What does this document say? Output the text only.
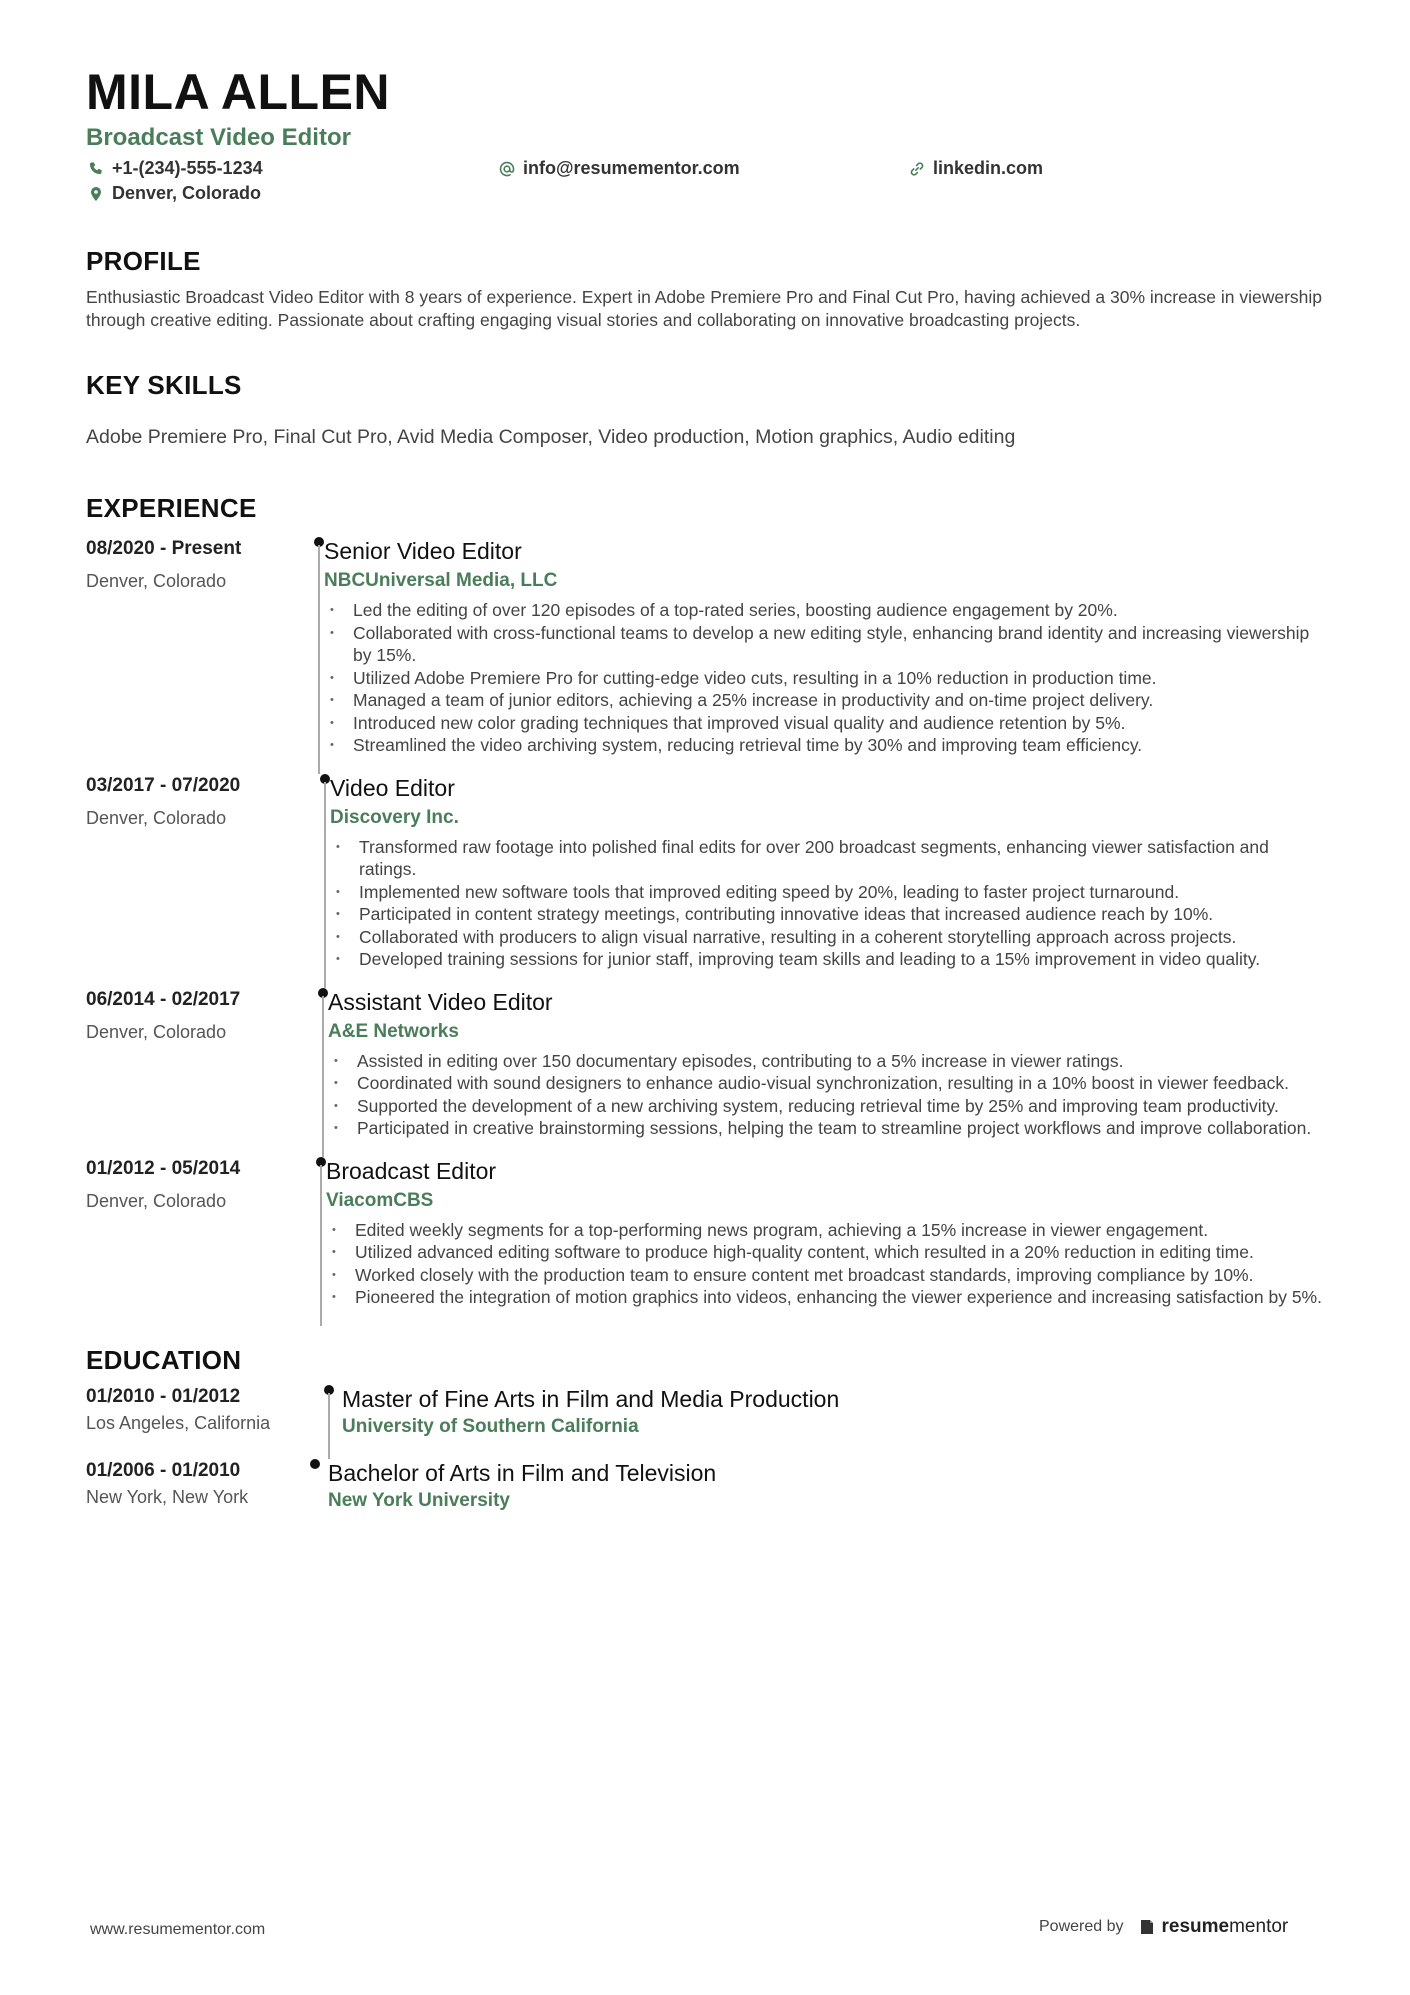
MILA ALLEN
Broadcast Video Editor
+1-(234)-555-1234	info@resumementor.com	linkedin.com
Denver, Colorado
PROFILE
Enthusiastic Broadcast Video Editor with 8 years of experience. Expert in Adobe Premiere Pro and Final Cut Pro, having achieved a 30% increase in viewership through creative editing. Passionate about crafting engaging visual stories and collaborating on innovative broadcasting projects.
KEY SKILLS
Adobe Premiere Pro, Final Cut Pro, Avid Media Composer, Video production, Motion graphics, Audio editing
EXPERIENCE
08/2020 - Present
Denver, Colorado
Senior Video Editor
NBCUniversal Media, LLC
• Led the editing of over 120 episodes of a top-rated series, boosting audience engagement by 20%.
• Collaborated with cross-functional teams to develop a new editing style, enhancing brand identity and increasing viewership by 15%.
• Utilized Adobe Premiere Pro for cutting-edge video cuts, resulting in a 10% reduction in production time.
• Managed a team of junior editors, achieving a 25% increase in productivity and on-time project delivery.
• Introduced new color grading techniques that improved visual quality and audience retention by 5%.
• Streamlined the video archiving system, reducing retrieval time by 30% and improving team efficiency.
03/2017 - 07/2020
Denver, Colorado
Video Editor
Discovery Inc.
• Transformed raw footage into polished final edits for over 200 broadcast segments, enhancing viewer satisfaction and ratings.
• Implemented new software tools that improved editing speed by 20%, leading to faster project turnaround.
• Participated in content strategy meetings, contributing innovative ideas that increased audience reach by 10%.
• Collaborated with producers to align visual narrative, resulting in a coherent storytelling approach across projects.
• Developed training sessions for junior staff, improving team skills and leading to a 15% improvement in video quality.
06/2014 - 02/2017
Denver, Colorado
Assistant Video Editor
A&E Networks
• Assisted in editing over 150 documentary episodes, contributing to a 5% increase in viewer ratings.
• Coordinated with sound designers to enhance audio-visual synchronization, resulting in a 10% boost in viewer feedback.
• Supported the development of a new archiving system, reducing retrieval time by 25% and improving team productivity.
• Participated in creative brainstorming sessions, helping the team to streamline project workflows and improve collaboration.
01/2012 - 05/2014
Denver, Colorado
Broadcast Editor
ViacomCBS
• Edited weekly segments for a top-performing news program, achieving a 15% increase in viewer engagement.
• Utilized advanced editing software to produce high-quality content, which resulted in a 20% reduction in editing time.
• Worked closely with the production team to ensure content met broadcast standards, improving compliance by 10%.
• Pioneered the integration of motion graphics into videos, enhancing the viewer experience and increasing satisfaction by 5%.
EDUCATION
01/2010 - 01/2012
Los Angeles, California
Master of Fine Arts in Film and Media Production
University of Southern California
01/2006 - 01/2010
New York, New York
Bachelor of Arts in Film and Television
New York University
www.resumementor.com	Powered by resumementor
